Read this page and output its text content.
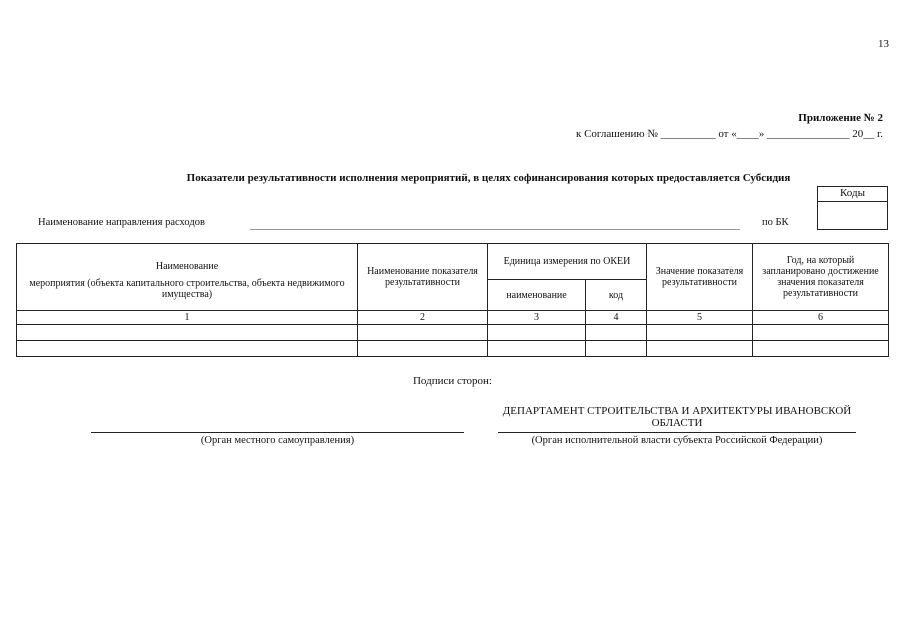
13
Приложение № 2
к Соглашению № __________ от «____» _______________ 20__ г.
Показатели результативности исполнения мероприятий, в целях софинансирования которых предоставляется Субсидия
Коды
Наименование направления расходов	по БК
Наименование
мероприятия (объекта капитального строительства, объекта недвижимого имущества)	Наименование показателя результативности	Единица измерения по ОКЕИ		Значение показателя результативности	Год, на который запланировано достижение значения показателя результативности
		наименование	код		
1	2	3	4	5	6

Подписи сторон:
ДЕПАРТАМЕНТ СТРОИТЕЛЬСТВА И АРХИТЕКТУРЫ ИВАНОВСКОЙ ОБЛАСТИ
(Орган местного самоуправления)	(Орган исполнительной власти субъекта Российской Федерации)
